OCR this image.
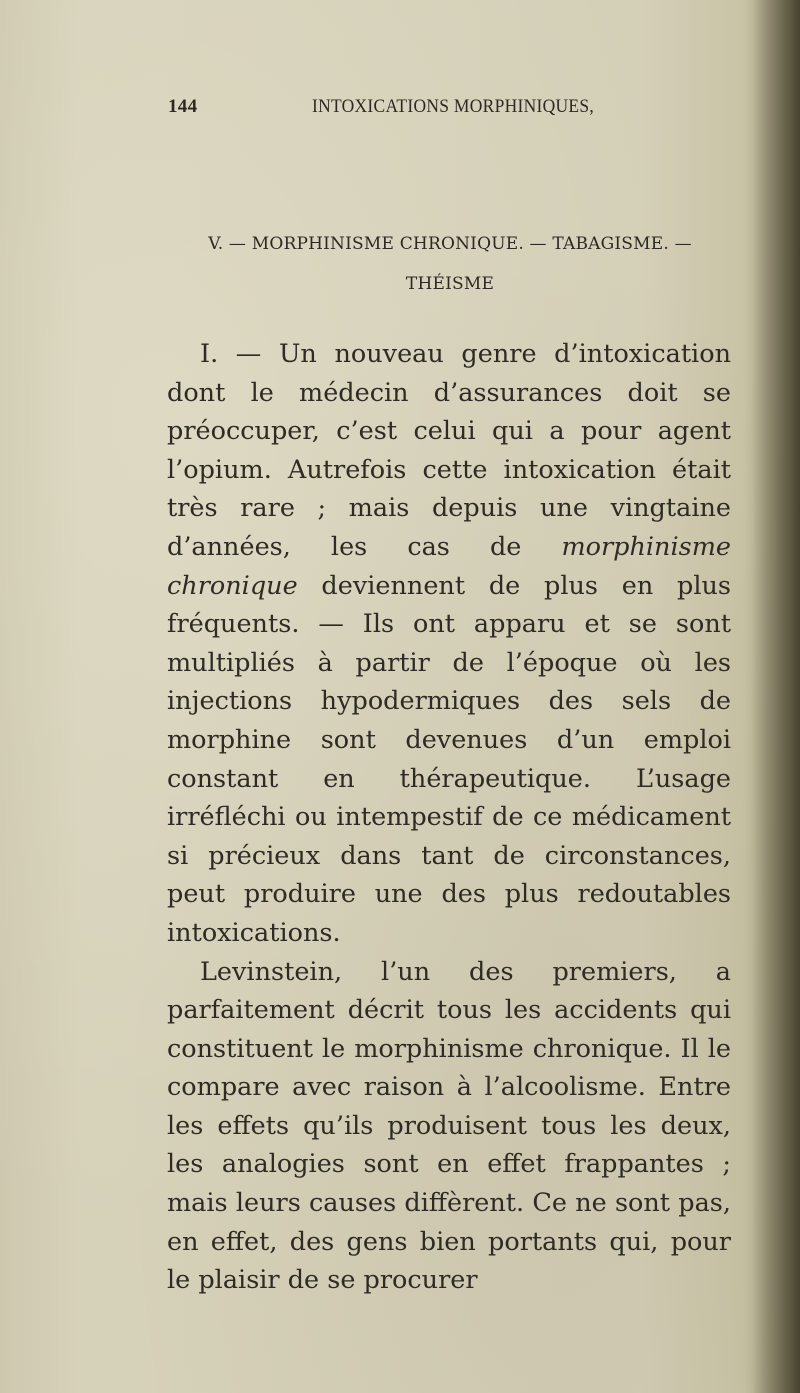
144	INTOXICATIONS MORPHINIQUES,
V. — MORPHINISME CHRONIQUE. — TABAGISME. —
THÉISME

I. — Un nouveau genre d’intoxication dont le médecin d’assurances doit se préoccuper, c’est celui qui a pour agent l’opium. Autrefois cette intoxication était très rare ; mais depuis une vingtaine d’années, les cas de morphinisme chronique deviennent de plus en plus fréquents. — Ils ont apparu et se sont multipliés à partir de l’époque où les injections hypodermiques des sels de morphine sont devenues d’un emploi constant en thérapeutique. L’usage irréfléchi ou intempestif de ce médicament si précieux dans tant de circonstances, peut produire une des plus redoutables intoxications.

Levinstein, l’un des premiers, a parfaitement décrit tous les accidents qui constituent le morphinisme chronique. Il le compare avec raison à l’alcoolisme. Entre les effets qu’ils produisent tous les deux, les analogies sont en effet frappantes ; mais leurs causes diffèrent. Ce ne sont pas, en effet, des gens bien portants qui, pour le plaisir de se procurer
